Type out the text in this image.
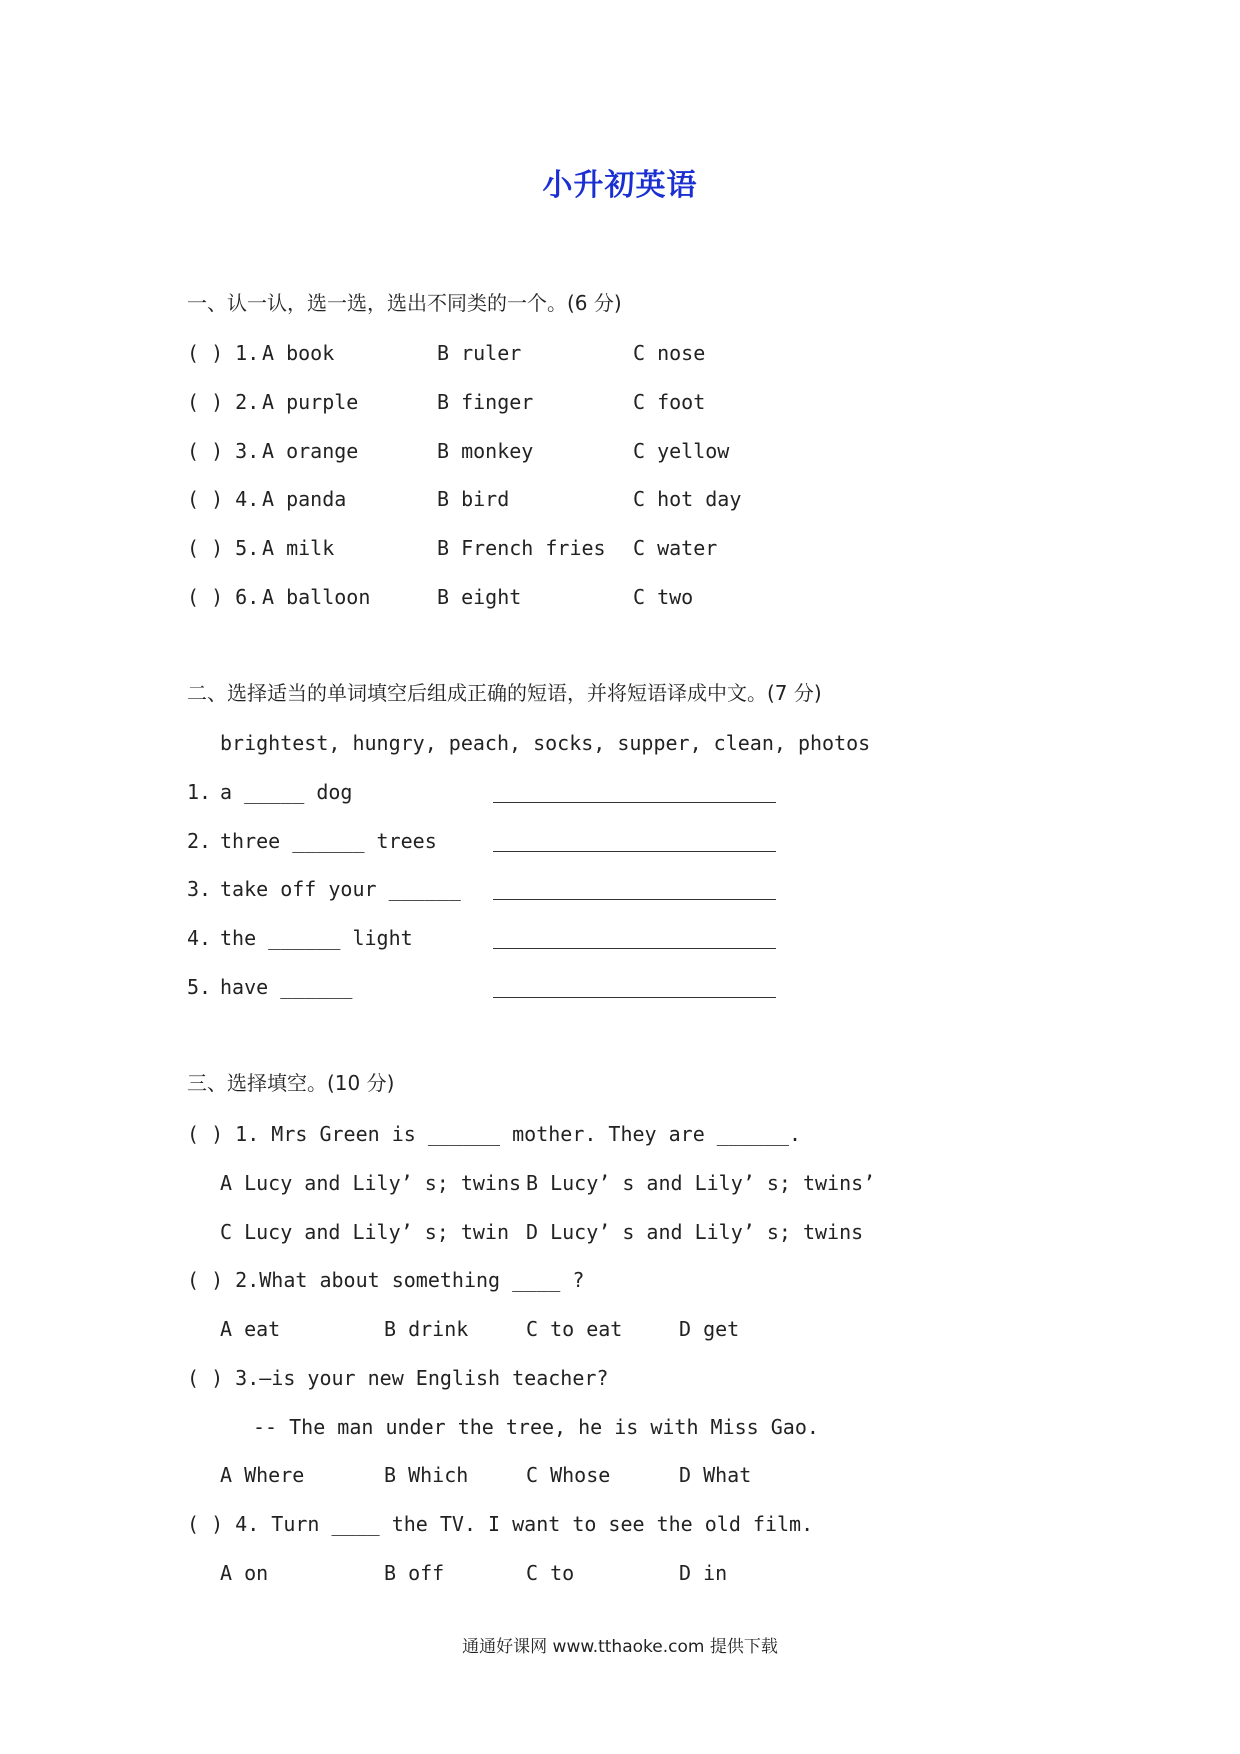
小升初英语
一、认一认，选一选，选出不同类的一个。(6 分)
( ) 1. A book	B ruler	C nose
( ) 2. A purple	B finger	C foot
( ) 3. A orange	B monkey	C yellow
( ) 4. A panda	B bird	C hot day
( ) 5. A milk	B French fries C water
( ) 6. A balloon	B eight	C two
二、选择适当的单词填空后组成正确的短语，并将短语译成中文。(7 分)
brightest, hungry, peach, socks, supper, clean, photos
1. a _____ dog
2. three ______ trees
3. take off your ______
4. the ______ light
5. have ______
三、选择填空。(10 分)
( ) 1. Mrs Green is ______ mother. They are ______.
A Lucy and Lily’ s; twins B Lucy’ s and Lily’ s; twins’
C Lucy and Lily’ s; twin D Lucy’ s and Lily’ s; twins
( ) 2.What about something ____ ?
A eat	B drink	C to eat	D get
( ) 3.—is your new English teacher?
-- The man under the tree, he is with Miss Gao.
A Where	B Which	C Whose	D What
( ) 4. Turn ____ the TV. I want to see the old film.
A on	B off	C to	D in
通通好课网 www.tthaoke.com 提供下载
